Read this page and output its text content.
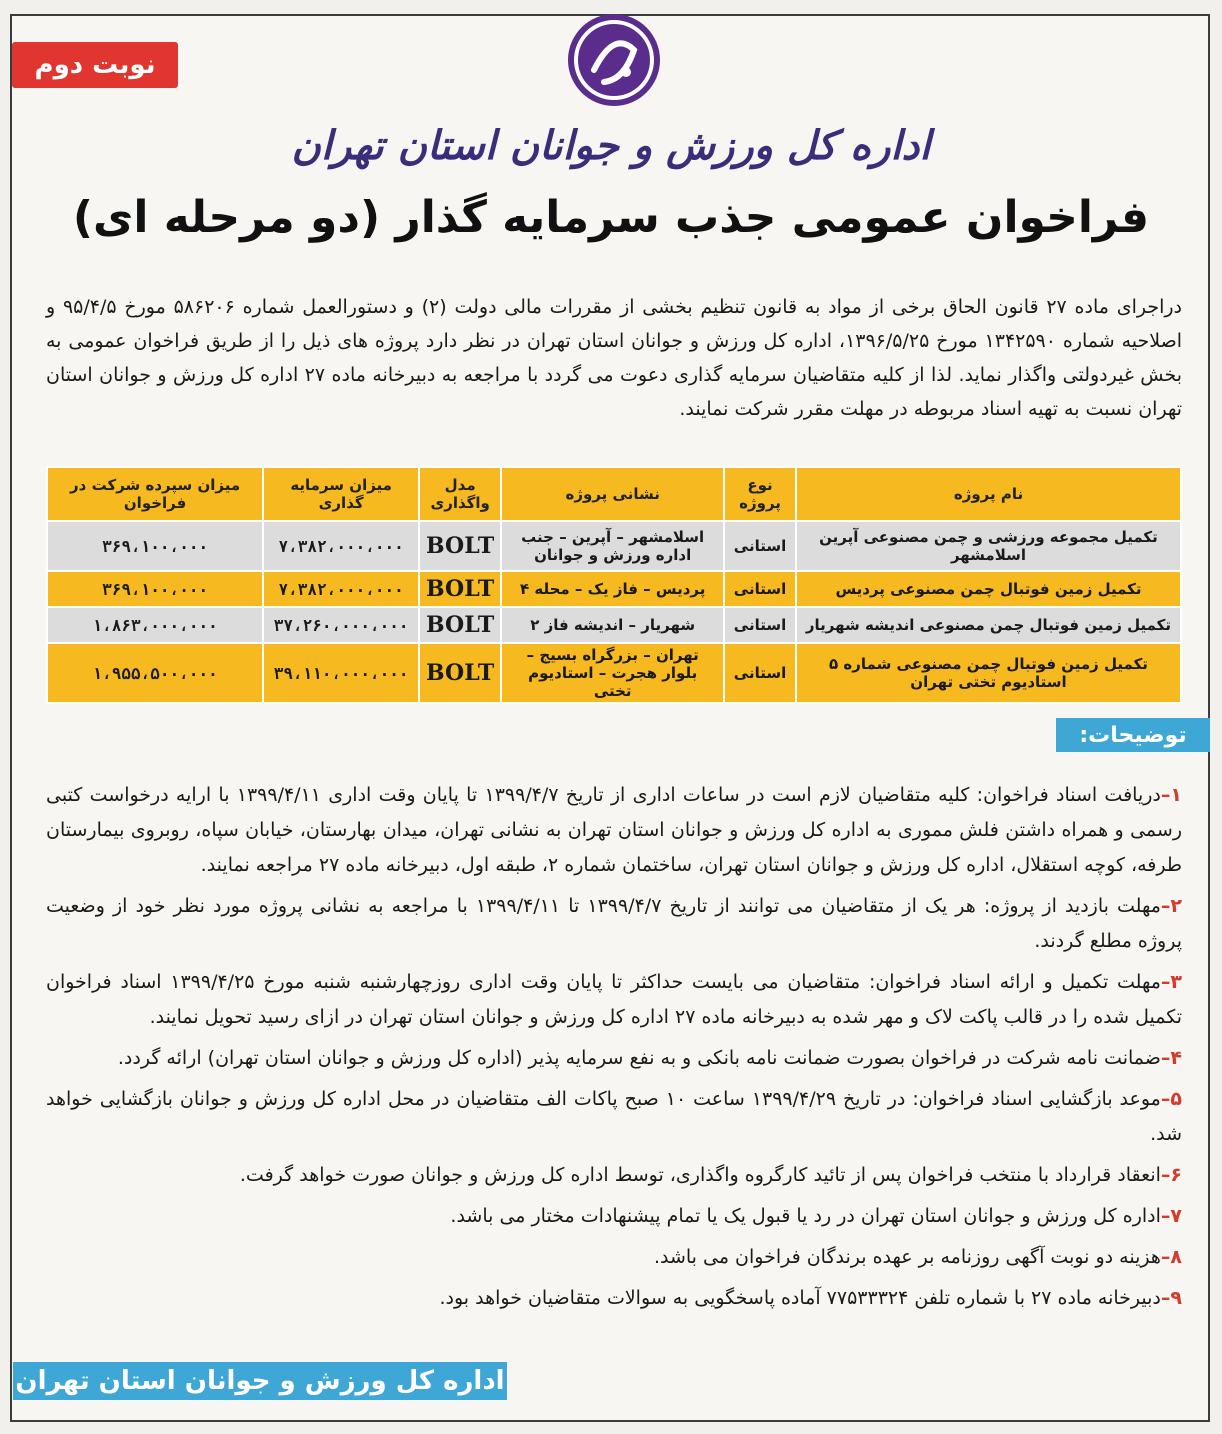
نوبت دوم
اداره کل ورزش و جوانان استان تهران
فراخوان عمومی جذب سرمایه گذار (دو مرحله ای)
دراجرای ماده ۲۷ قانون الحاق برخی از مواد به قانون تنظیم بخشی از مقررات مالی دولت (۲) و دستورالعمل شماره ۵۸۶۲۰۶ مورخ ۹۵/۴/۵ و اصلاحیه شماره ۱۳۴۲۵۹۰ مورخ ۱۳۹۶/۵/۲۵، اداره کل ورزش و جوانان استان تهران در نظر دارد پروژه های ذیل را از طریق فراخوان عمومی به بخش غیردولتی واگذار نماید. لذا از کلیه متقاضیان سرمایه گذاری دعوت می گردد با مراجعه به دبیرخانه ماده ۲۷ اداره کل ورزش و جوانان استان تهران نسبت به تهیه اسناد مربوطه در مهلت مقرر شرکت نمایند.
نام پروژه	نوع پروژه	نشانی پروژه	مدل واگذاری	میزان سرمایه گذاری	میزان سپرده شرکت در فراخوان
تکمیل مجموعه ورزشی و چمن مصنوعی آپرین اسلامشهر	استانی	اسلامشهر – آپرین – جنب اداره ورزش و جوانان	BOLT	۷،۳۸۲،۰۰۰،۰۰۰	۳۶۹،۱۰۰،۰۰۰
تکمیل زمین فوتبال چمن مصنوعی پردیس	استانی	پردیس – فاز یک – محله ۴	BOLT	۷،۳۸۲،۰۰۰،۰۰۰	۳۶۹،۱۰۰،۰۰۰
تکمیل زمین فوتبال چمن مصنوعی اندیشه شهریار	استانی	شهریار – اندیشه فاز ۲	BOLT	۳۷،۲۶۰،۰۰۰،۰۰۰	۱،۸۶۳،۰۰۰،۰۰۰
تکمیل زمین فوتبال چمن مصنوعی شماره ۵ استادیوم تختی تهران	استانی	تهران – بزرگراه بسیج – بلوار هجرت – استادیوم تختی	BOLT	۳۹،۱۱۰،۰۰۰،۰۰۰	۱،۹۵۵،۵۰۰،۰۰۰
توضیحات:

۱–دریافت اسناد فراخوان: کلیه متقاضیان لازم است در ساعات اداری از تاریخ ۱۳۹۹/۴/۷ تا پایان وقت اداری ۱۳۹۹/۴/۱۱ با ارایه درخواست کتبی رسمی و همراه داشتن فلش مموری به اداره کل ورزش و جوانان استان تهران به نشانی تهران، میدان بهارستان، خیابان سپاه، روبروی بیمارستان طرفه، کوچه استقلال، اداره کل ورزش و جوانان استان تهران، ساختمان شماره ۲، طبقه اول، دبیرخانه ماده ۲۷ مراجعه نمایند.

۲–مهلت بازدید از پروژه: هر یک از متقاضیان می توانند از تاریخ ۱۳۹۹/۴/۷ تا ۱۳۹۹/۴/۱۱ با مراجعه به نشانی پروژه مورد نظر خود از وضعیت پروژه مطلع گردند.

۳–مهلت تکمیل و ارائه اسناد فراخوان: متقاضیان می بایست حداکثر تا پایان وقت اداری روزچهارشنبه شنبه مورخ ۱۳۹۹/۴/۲۵ اسناد فراخوان تکمیل شده را در قالب پاکت لاک و مهر شده به دبیرخانه ماده ۲۷ اداره کل ورزش و جوانان استان تهران در ازای رسید تحویل نمایند.

۴–ضمانت نامه شرکت در فراخوان بصورت ضمانت نامه بانکی و به نفع سرمایه پذیر (اداره کل ورزش و جوانان استان تهران) ارائه گردد.

۵–موعد بازگشایی اسناد فراخوان: در تاریخ ۱۳۹۹/۴/۲۹ ساعت ۱۰ صبح پاکات الف متقاضیان در محل اداره کل ورزش و جوانان بازگشایی خواهد شد.

۶–انعقاد قرارداد با منتخب فراخوان پس از تائید کارگروه واگذاری، توسط اداره کل ورزش و جوانان صورت خواهد گرفت.

۷–اداره کل ورزش و جوانان استان تهران در رد یا قبول یک یا تمام پیشنهادات مختار می باشد.

۸–هزینه دو نوبت آگهی روزنامه بر عهده برندگان فراخوان می باشد.

۹–دبیرخانه ماده ۲۷ با شماره تلفن ۷۷۵۳۳۳۲۴ آماده پاسخگویی به سوالات متقاضیان خواهد بود.

اداره کل ورزش و جوانان استان تهران
